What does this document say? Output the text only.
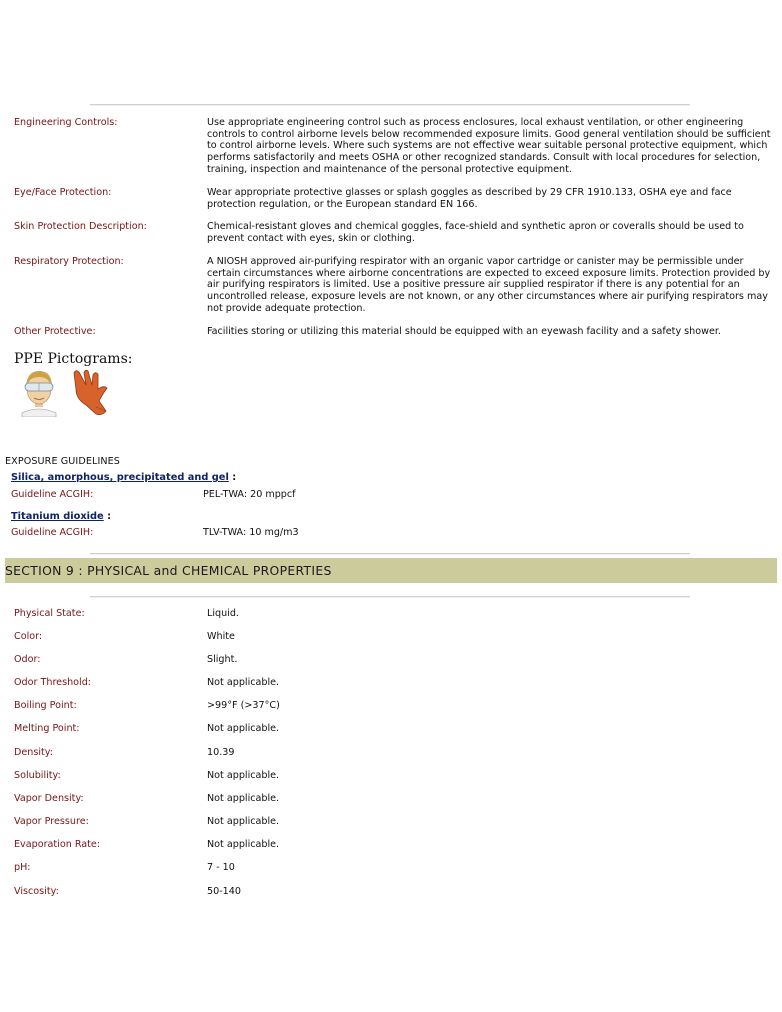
Engineering Controls:	Use appropriate engineering control such as process enclosures, local exhaust ventilation, or other engineering controls to control airborne levels below recommended exposure limits. Good general ventilation should be sufficient to control airborne levels. Where such systems are not effective wear suitable personal protective equipment, which performs satisfactorily and meets OSHA or other recognized standards. Consult with local procedures for selection, training, inspection and maintenance of the personal protective equipment.
Eye/Face Protection:	Wear appropriate protective glasses or splash goggles as described by 29 CFR 1910.133, OSHA eye and face protection regulation, or the European standard EN 166.
Skin Protection Description:	Chemical-resistant gloves and chemical goggles, face-shield and synthetic apron or coveralls should be used to prevent contact with eyes, skin or clothing.
Respiratory Protection:	A NIOSH approved air-purifying respirator with an organic vapor cartridge or canister may be permissible under certain circumstances where airborne concentrations are expected to exceed exposure limits. Protection provided by air purifying respirators is limited. Use a positive pressure air supplied respirator if there is any potential for an uncontrolled release, exposure levels are not known, or any other circumstances where air purifying respirators may not provide adequate protection.
Other Protective:	Facilities storing or utilizing this material should be equipped with an eyewash facility and a safety shower.
PPE Pictograms:
EXPOSURE GUIDELINES
Silica, amorphous, precipitated and gel :
Guideline ACGIH:	PEL-TWA: 20 mppcf
Titanium dioxide :
Guideline ACGIH:	TLV-TWA: 10 mg/m3
SECTION 9 : PHYSICAL and CHEMICAL PROPERTIES
Physical State:	Liquid.
Color:	White
Odor:	Slight.
Odor Threshold:	Not applicable.
Boiling Point:	>99°F (>37°C)
Melting Point:	Not applicable.
Density:	10.39
Solubility:	Not applicable.
Vapor Density:	Not applicable.
Vapor Pressure:	Not applicable.
Evaporation Rate:	Not applicable.
pH:	7 - 10
Viscosity:	50-140
